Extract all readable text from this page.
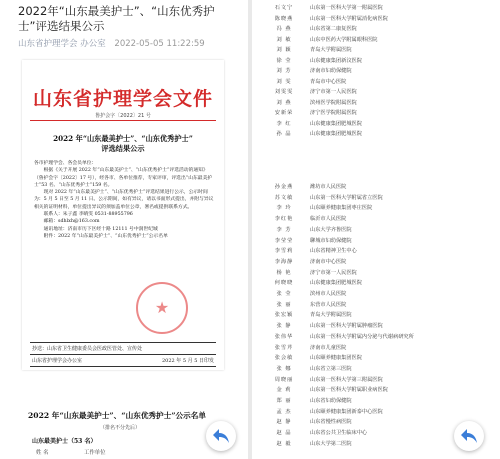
2022年“山东最美护士”、“山东优秀护士”评选结果公示
山东省护理学会 办公室 2022-05-05 11:22:59
山东省护理学会文件
鲁护会字〔2022〕21 号
2022 年“山东最美护士”、“山东优秀护士”
评选结果公示

各市护理学会、各会员单位：

根据《关于开展 2022 年“山东最美护士”、“山东优秀护士”评选活动的通知》（鲁护会字〔2022〕17 号），经各市、各单位推荐，专家评审，评选出“山东最美护士”53 名、“山东优秀护士”159 名。

现对 2022 年“山东最美护士”、“山东优秀护士”评选结果进行公示，公示时间为：5 月 5 日至 5 月 11 日。公示期间，如有异议，请以书面形式提出，并附与异议相关的证明材料，单位提出异议的须加盖单位公章，署名或提供联系方式。

联系人：朱子鑫 李晴雯 0531-88955796

邮箱：sdhlxh@163.com

通讯地址：济南市历下区经十路 12111 号中润世纪城

附件：2022 年“山东最美护士”、“山东优秀护士”公示名单

★
抄送：山东省卫生健康委员会医政医管处、宣传处
山东省护理学会办公室	2022 年 5 月 5 日印发
2022 年“山东最美护士”、“山东优秀护士”公示名单
（排名不分先后）
山东最美护士（53 名）
姓 名	工作单位
石文宁	山东第一医科大学第一附属医院
陈晓燕	山东第一医科大学附属消化病医院
冯 燕	山东省第二康复医院
刘 敏	山东中医药大学附属眼科医院
刘 颖	青岛大学附属医院
徐 莹	山东健康集团新汶医院
刘 芳	济南市妇幼保健院
刘 雯	青岛市中心医院
刘雯雯	济宁市第一人民医院
刘 燕	滨州医学院附属医院
安新荣	济宁医学院附属医院
李 红	山东健康集团肥城医院
孙 晶	山东健康集团肥城医院
孙金燕	潍坊市人民医院
苏文敏	山东第一医科大学附属省立医院
李 玲	山东颐养健康集团枣庄医院
李红艳	临沂市人民医院
李 芳	山东大学齐鲁医院
李莹莹	聊城市妇幼保健院
李雪莉	山东省精神卫生中心
李海静	济南市中心医院
杨 艳	济宁市第一人民医院
何晓晓	山东健康集团肥城医院
张 莹	滨州市人民医院
张 丽	东营市人民医院
张宏颖	青岛大学附属医院
张 静	山东第一医科大学附属肿瘤医院
张伟华	山东第一医科大学附属内分泌与代谢病研究所
张雪芹	济南市儿童医院
张会敏	山东颐养健康集团医院
张 娜	山东省立第三医院
周晓丽	山东第一医科大学第三附属医院
金 莉	山东第一医科大学附属职业病医院
郑 丽	山东省妇幼保健院
孟 杰	山东颐养健康集团新泰中心医院
赵 静	山东省慢性病医院
赵 晶	山东省公共卫生临床中心
赵 毅	山东大学第二医院
